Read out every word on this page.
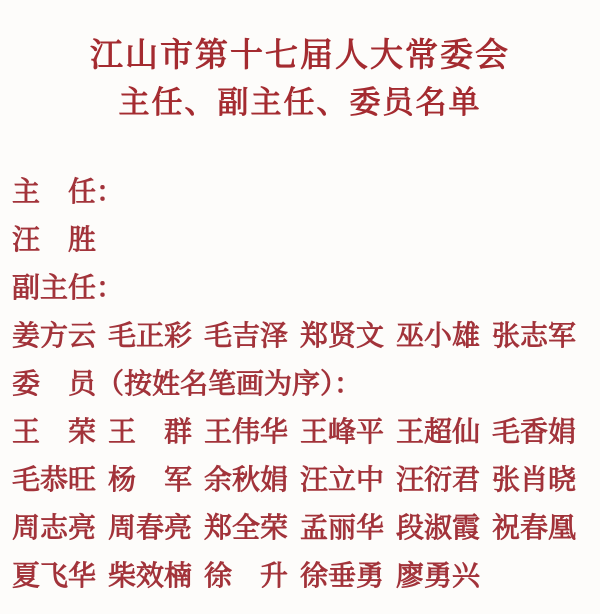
江山市第十七届人大常委会
主任、副主任、委员名单
主　任：
汪　胜
副主任：
姜方云 毛正彩 毛吉泽 郑贤文 巫小雄 张志军
委　员（按姓名笔画为序）：
王　荣 王　群 王伟华 王峰平 王超仙 毛香娟
毛恭旺 杨　军 余秋娟 汪立中 汪衍君 张肖晓
周志亮 周春亮 郑全荣 孟丽华 段淑霞 祝春凰
夏飞华 柴效楠 徐　升 徐垂勇 廖勇兴
